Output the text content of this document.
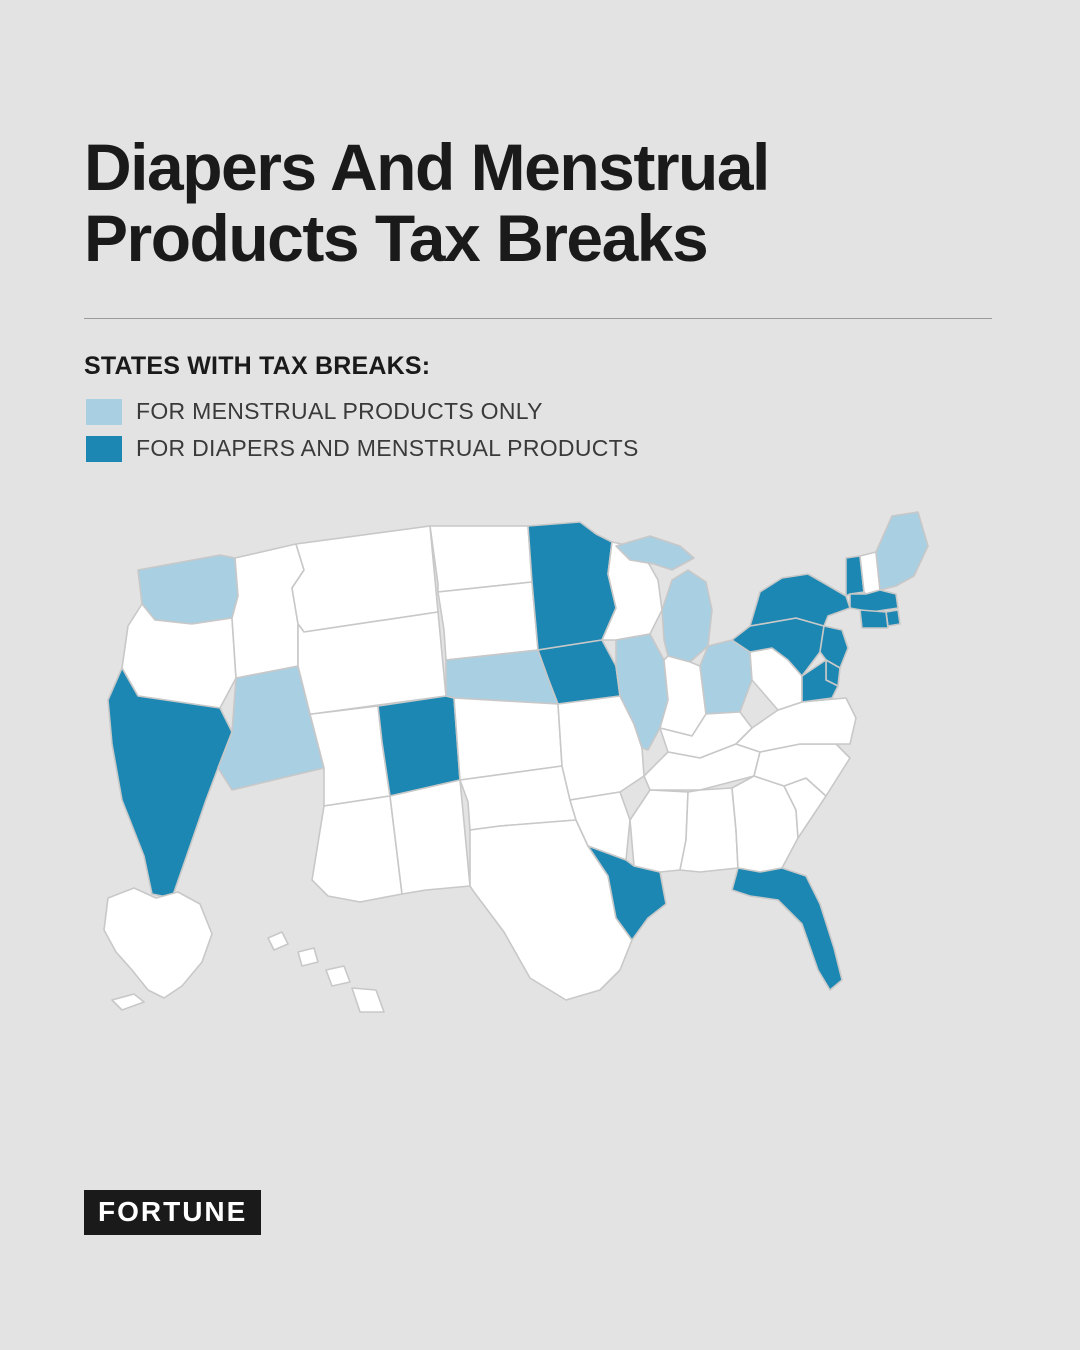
Diapers And Menstrual Products Tax Breaks
STATES WITH TAX BREAKS:
FOR MENSTRUAL PRODUCTS ONLY
FOR DIAPERS AND MENSTRUAL PRODUCTS
FORTUNE
